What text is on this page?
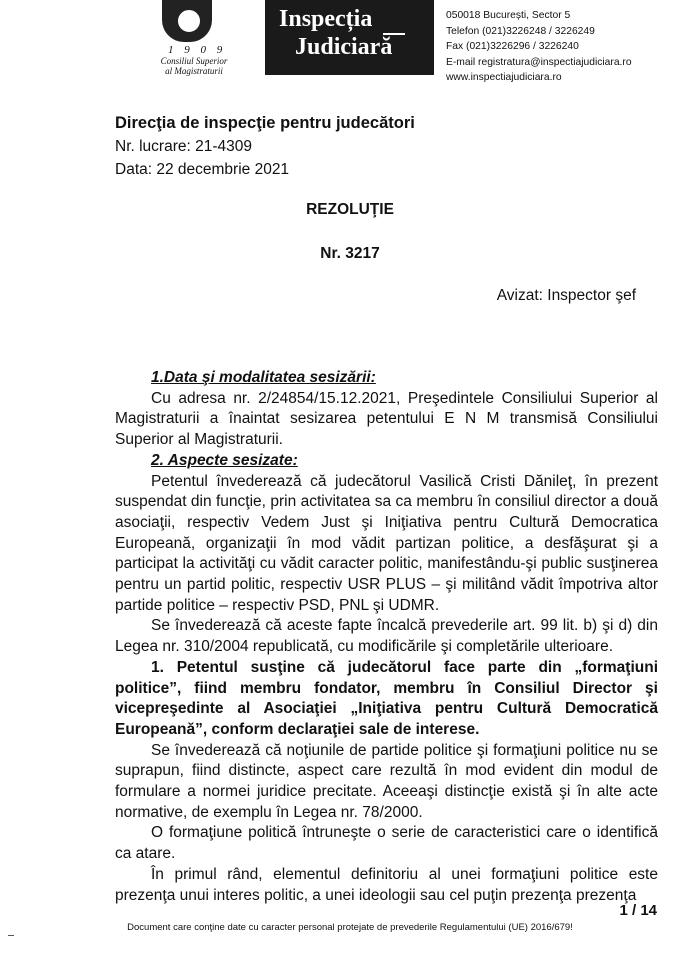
1 9 0 9
Consiliul Superior
al Magistraturii
Inspecția
Judiciară
050018 București, Sector 5
Telefon (021)3226248 / 3226249
Fax (021)3226296 / 3226240
E-mail registratura@inspectiajudiciara.ro
www.inspectiajudiciara.ro
Direcţia de inspecţie pentru judecători
Nr. lucrare: 21-4309
Data: 22 decembrie 2021
REZOLUŢIE
Nr. 3217
Avizat: Inspector şef

1.Data şi modalitatea sesizării:

Cu adresa nr. 2/24854/15.12.2021, Preşedintele Consiliului Superior al Magistraturii a înaintat sesizarea petentului E N M transmisă Consiliului Superior al Magistraturii.

2. Aspecte sesizate:

Petentul învederează că judecătorul Vasilică Cristi Dănileţ, în prezent suspendat din funcţie, prin activitatea sa ca membru în consiliul director a două asociaţii, respectiv Vedem Just şi Iniţiativa pentru Cultură Democratica Europeană, organizaţii în mod vădit partizan politice, a desfăşurat şi a participat la activităţi cu vădit caracter politic, manifestându-şi public susţinerea pentru un partid politic, respectiv USR PLUS – şi militând vădit împotriva altor partide politice – respectiv PSD, PNL şi UDMR.

Se învederează că aceste fapte încalcă prevederile art. 99 lit. b) şi d) din Legea nr. 310/2004 republicată, cu modificările şi completările ulterioare.

1. Petentul susţine că judecătorul face parte din „formaţiuni politice”, fiind membru fondator, membru în Consiliul Director şi vicepreşedinte al Asociaţiei „Iniţiativa pentru Cultură Democratică Europeană”, conform declaraţiei sale de interese.

Se învederează că noţiunile de partide politice şi formaţiuni politice nu se suprapun, fiind distincte, aspect care rezultă în mod evident din modul de formulare a normei juridice precitate. Aceeaşi distincţie există şi în alte acte normative, de exemplu în Legea nr. 78/2000.

O formaţiune politică întruneşte o serie de caracteristici care o identifică ca atare.

În primul rând, elementul definitoriu al unei formaţiuni politice este prezenţa unui interes politic, a unei ideologii sau cel puţin prezenţa prezenţa

1 / 14
Document care conţine date cu caracter personal protejate de prevederile Regulamentului (UE) 2016/679!
